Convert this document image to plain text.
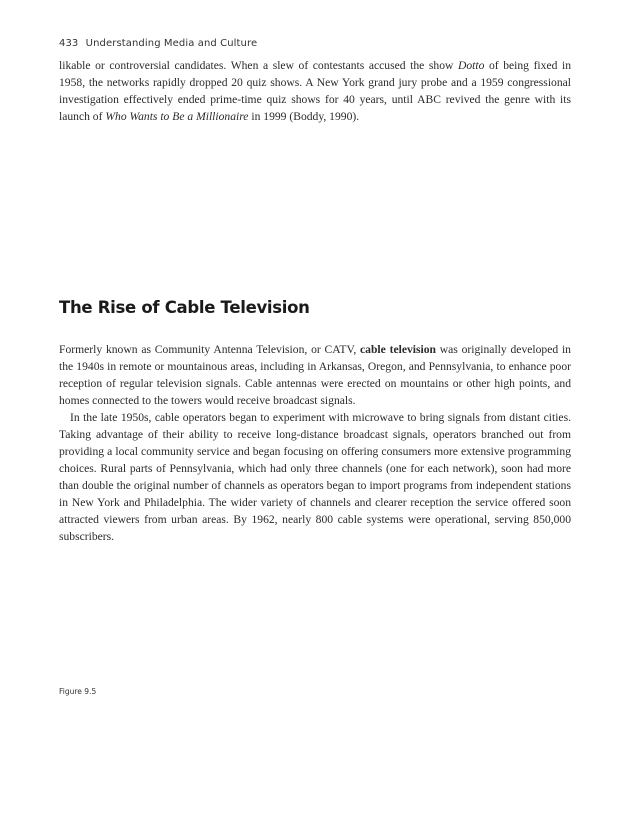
433 Understanding Media and Culture

likable or controversial candidates. When a slew of contestants accused the show Dotto of being fixed in 1958, the networks rapidly dropped 20 quiz shows. A New York grand jury probe and a 1959 congressional investigation effectively ended prime-time quiz shows for 40 years, until ABC revived the genre with its launch of Who Wants to Be a Millionaire in 1999 (Boddy, 1990).

The Rise of Cable Television

Formerly known as Community Antenna Television, or CATV, cable television was originally developed in the 1940s in remote or mountainous areas, including in Arkansas, Oregon, and Pennsylvania, to enhance poor reception of regular television signals. Cable antennas were erected on mountains or other high points, and homes connected to the towers would receive broadcast signals.

In the late 1950s, cable operators began to experiment with microwave to bring signals from distant cities. Taking advantage of their ability to receive long-distance broadcast signals, operators branched out from providing a local community service and began focusing on offering consumers more extensive programming choices. Rural parts of Pennsylvania, which had only three channels (one for each network), soon had more than double the original number of channels as operators began to import programs from independent stations in New York and Philadelphia. The wider variety of channels and clearer reception the service offered soon attracted viewers from urban areas. By 1962, nearly 800 cable systems were operational, serving 850,000 subscribers.

Figure 9.5
